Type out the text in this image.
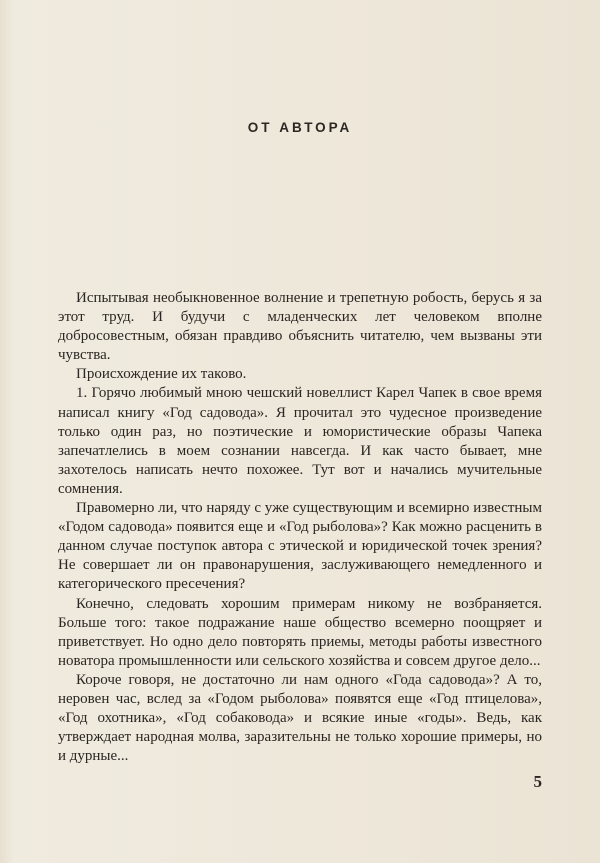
ОТ АВТОРА

Испытывая необыкновенное волнение и трепетную робость, берусь я за этот труд. И будучи с младенческих лет человеком вполне добросовестным, обязан правдиво объяснить читателю, чем вызваны эти чувства.

Происхождение их таково.

1. Горячо любимый мною чешский новеллист Карел Чапек в свое время написал книгу «Год садовода». Я прочитал это чудесное произведение только один раз, но поэтические и юмористические образы Чапека запечатлелись в моем сознании навсегда. И как часто бывает, мне захотелось написать нечто похожее. Тут вот и начались мучительные сомнения.

Правомерно ли, что наряду с уже существующим и всемирно известным «Годом садовода» появится еще и «Год рыболова»? Как можно расценить в данном случае поступок автора с этической и юридической точек зрения? Не совершает ли он правонарушения, заслуживающего немедленного и категорического пресечения?

Конечно, следовать хорошим примерам никому не возбраняется. Больше того: такое подражание наше общество всемерно поощряет и приветствует. Но одно дело повторять приемы, методы работы известного новатора промышленности или сельского хозяйства и совсем другое дело...

Короче говоря, не достаточно ли нам одного «Года садовода»? А то, неровен час, вслед за «Годом рыболова» появятся еще «Год птицелова», «Год охотника», «Год собаковода» и всякие иные «годы». Ведь, как утверждает народная молва, заразительны не только хорошие примеры, но и дурные...

5
